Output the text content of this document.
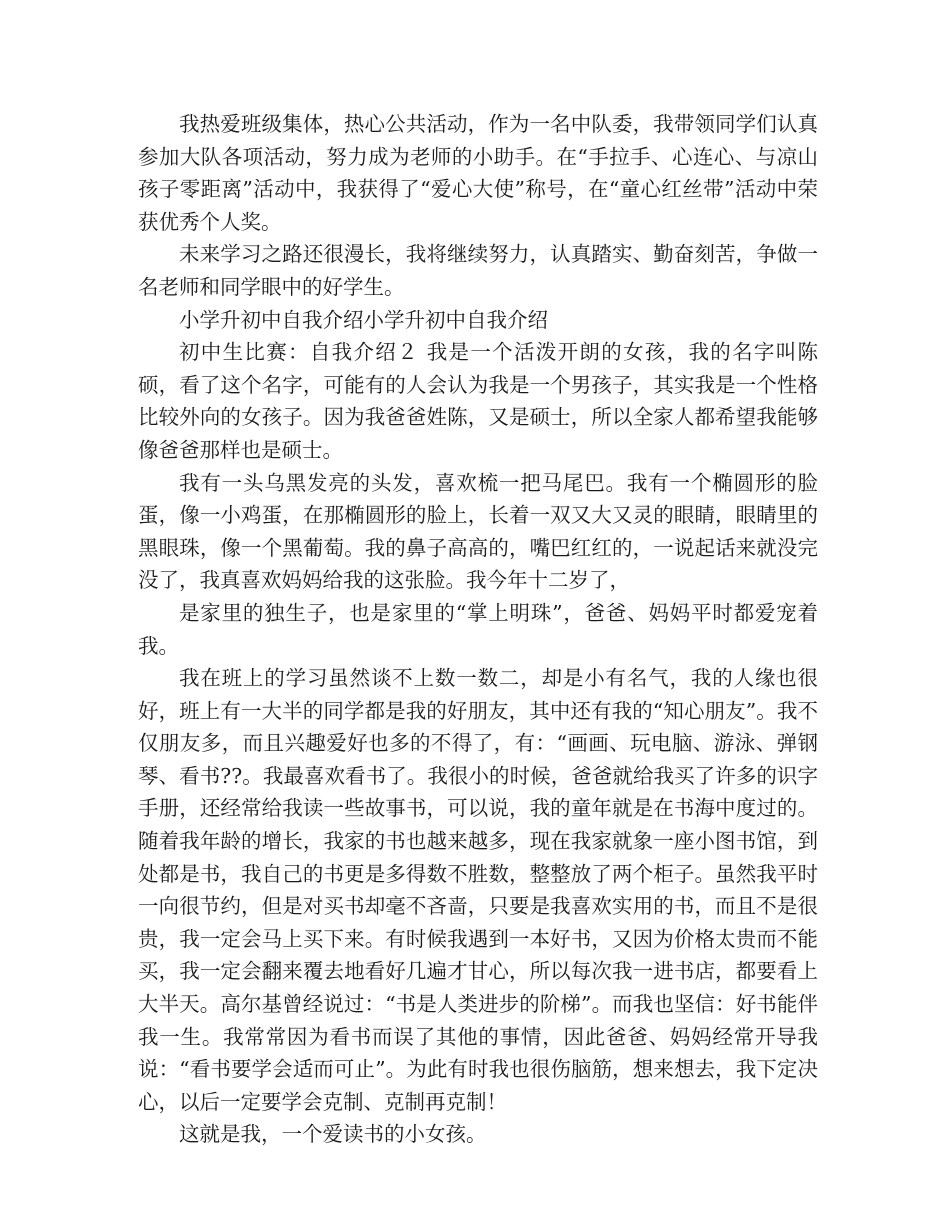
我热爱班级集体，热心公共活动，作为一名中队委，我带领同学们认真参加大队各项活动，努力成为老师的小助手。在“手拉手、心连心、与凉山孩子零距离”活动中，我获得了“爱心大使”称号，在“童心红丝带”活动中荣获优秀个人奖。

未来学习之路还很漫长，我将继续努力，认真踏实、勤奋刻苦，争做一名老师和同学眼中的好学生。

小学升初中自我介绍小学升初中自我介绍

初中生比赛：自我介绍２ 我是一个活泼开朗的女孩，我的名字叫陈硕，看了这个名字，可能有的人会认为我是一个男孩子，其实我是一个性格比较外向的女孩子。因为我爸爸姓陈，又是硕士，所以全家人都希望我能够像爸爸那样也是硕士。

我有一头乌黑发亮的头发，喜欢梳一把马尾巴。我有一个椭圆形的脸蛋，像一小鸡蛋，在那椭圆形的脸上，长着一双又大又灵的眼睛，眼睛里的黑眼珠，像一个黑葡萄。我的鼻子高高的，嘴巴红红的，一说起话来就没完没了，我真喜欢妈妈给我的这张脸。我今年十二岁了，

是家里的独生子，也是家里的“掌上明珠”，爸爸、妈妈平时都爱宠着我。

我在班上的学习虽然谈不上数一数二，却是小有名气，我的人缘也很好，班上有一大半的同学都是我的好朋友，其中还有我的“知心朋友”。我不仅朋友多，而且兴趣爱好也多的不得了，有：“画画、玩电脑、游泳、弹钢琴、看书??。我最喜欢看书了。我很小的时候，爸爸就给我买了许多的识字手册，还经常给我读一些故事书，可以说，我的童年就是在书海中度过的。随着我年龄的增长，我家的书也越来越多，现在我家就象一座小图书馆，到处都是书，我自己的书更是多得数不胜数，整整放了两个柜子。虽然我平时一向很节约，但是对买书却毫不吝啬，只要是我喜欢实用的书，而且不是很贵，我一定会马上买下来。有时候我遇到一本好书，又因为价格太贵而不能买，我一定会翻来覆去地看好几遍才甘心，所以每次我一进书店，都要看上大半天。高尔基曾经说过：“书是人类进步的阶梯”。而我也坚信：好书能伴我一生。我常常因为看书而误了其他的事情，因此爸爸、妈妈经常开导我说：“看书要学会适而可止”。为此有时我也很伤脑筋，想来想去，我下定决心，以后一定要学会克制、克制再克制！

这就是我，一个爱读书的小女孩。
